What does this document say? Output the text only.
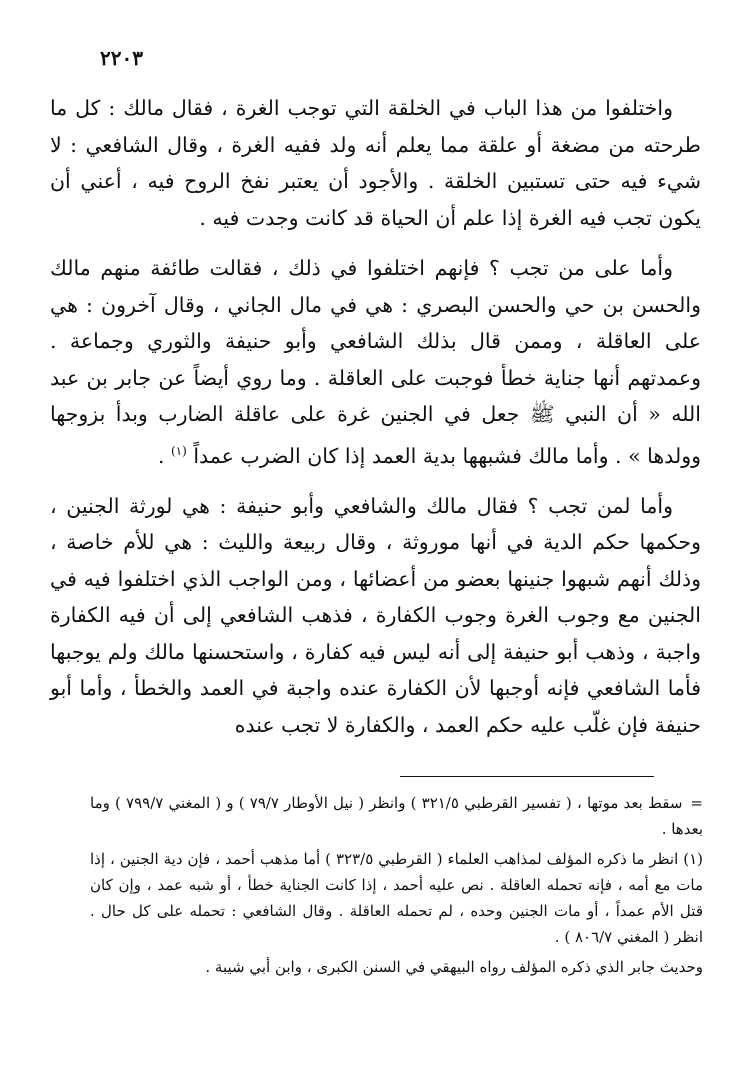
٢٢٠٣

واختلفوا من هذا الباب في الخلقة التي توجب الغرة ، فقال مالك : كل ما طرحته من مضغة أو علقة مما يعلم أنه ولد ففيه الغرة ، وقال الشافعي : لا شيء فيه حتى تستبين الخلقة . والأجود أن يعتبر نفخ الروح فيه ، أعني أن يكون تجب فيه الغرة إذا علم أن الحياة قد كانت وجدت فيه .

وأما على من تجب ؟ فإنهم اختلفوا في ذلك ، فقالت طائفة منهم مالك والحسن بن حي والحسن البصري : هي في مال الجاني ، وقال آخرون : هي على العاقلة ، وممن قال بذلك الشافعي وأبو حنيفة والثوري وجماعة . وعمدتهم أنها جناية خطأ فوجبت على العاقلة . وما روي أيضاً عن جابر بن عبد الله « أن النبي ﷺ جعل في الجنين غرة على عاقلة الضارب وبدأ بزوجها وولدها » . وأما مالك فشبهها بدية العمد إذا كان الضرب عمداً $^{(١)}$ .

وأما لمن تجب ؟ فقال مالك والشافعي وأبو حنيفة : هي لورثة الجنين ، وحكمها حكم الدية في أنها موروثة ، وقال ربيعة والليث : هي للأم خاصة ، وذلك أنهم شبهوا جنينها بعضو من أعضائها ، ومن الواجب الذي اختلفوا فيه في الجنين مع وجوب الغرة وجوب الكفارة ، فذهب الشافعي إلى أن فيه الكفارة واجبة ، وذهب أبو حنيفة إلى أنه ليس فيه كفارة ، واستحسنها مالك ولم يوجبها فأما الشافعي فإنه أوجبها لأن الكفارة عنده واجبة في العمد والخطأ ، وأما أبو حنيفة فإن غلّب عليه حكم العمد ، والكفارة لا تجب عنده

=سقط بعد موتها ، ( تفسير القرطبي ٣٢١/٥ ) وانظر ( نيل الأوطار ٧٩/٧ ) و ( المغني ٧٩٩/٧ ) وما بعدها .

(١) انظر ما ذكره المؤلف لمذاهب العلماء ( القرطبي ٣٢٣/٥ ) أما مذهب أحمد ، فإن دية الجنين ، إذا مات مع أمه ، فإنه تحمله العاقلة . نص عليه أحمد ، إذا كانت الجناية خطأ ، أو شبه عمد ، وإن كان قتل الأم عمداً ، أو مات الجنين وحده ، لم تحمله العاقلة . وقال الشافعي : تحمله على كل حال . انظر ( المغني ٨٠٦/٧ ) .

وحديث جابر الذي ذكره المؤلف رواه البيهقي في السنن الكبرى ، وابن أبي شيبة .
